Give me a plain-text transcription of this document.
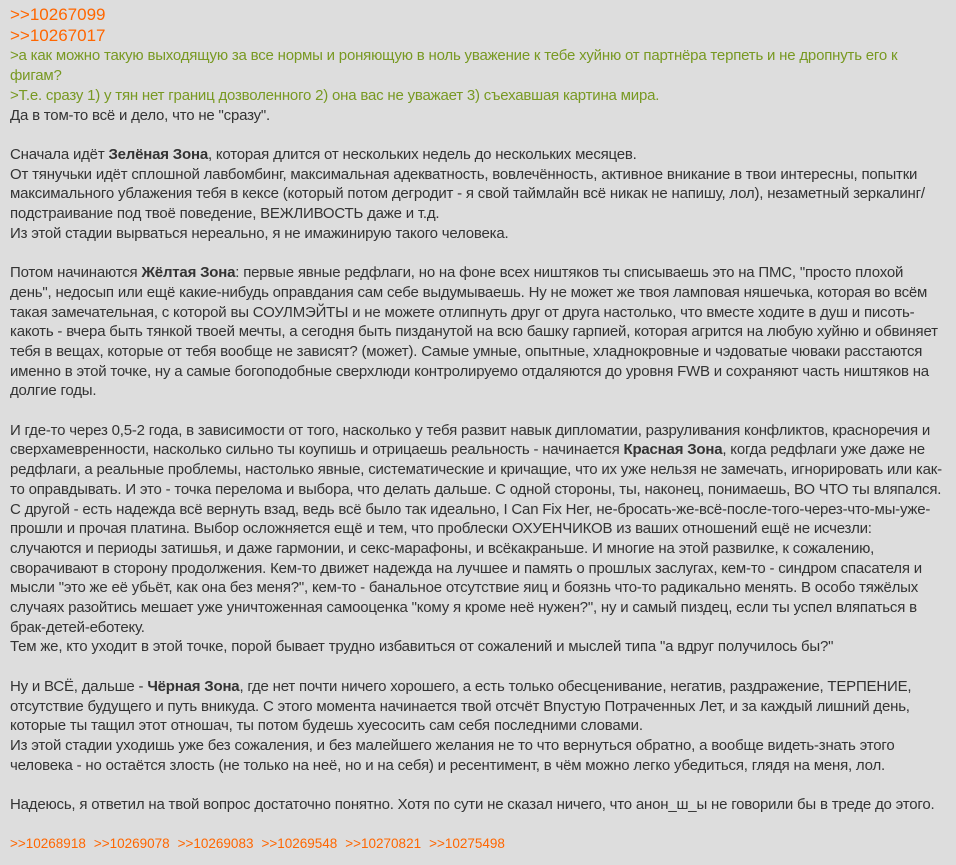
>>10267099
>>10267017
>а как можно такую выходящую за все нормы и роняющую в ноль уважение к тебе хуйню от партнёра терпеть и не дропнуть его к фигам?
>Т.е. сразу 1) у тян нет границ дозволенного 2) она вас не уважает 3) съехавшая картина мира.
Да в том-то всё и дело, что не "сразу".
Сначала идёт Зелёная Зона, которая длится от нескольких недель до нескольких месяцев.
От тянучьки идёт сплошной лавбомбинг, максимальная адекватность, вовлечённость, активное вникание в твои интересны, попытки максимального ублажения тебя в кексе (который потом дегродит - я свой таймлайн всё никак не напишу, лол), незаметный зеркалинг/подстраивание под твоё поведение, ВЕЖЛИВОСТЬ даже и т.д.
Из этой стадии вырваться нереально, я не имажинирую такого человека.
Потом начинаются Жёлтая Зона: первые явные редфлаги, но на фоне всех ништяков ты списываешь это на ПМС, "просто плохой день", недосып или ещё какие-нибудь оправдания сам себе выдумываешь. Ну не может же твоя ламповая няшечька, которая во всём такая замечательная, с которой вы СОУЛМЭЙТЫ и не можете отлипнуть друг от друга настолько, что вместе ходите в душ и писоть-какоть - вчера быть тянкой твоей мечты, а сегодня быть пизданутой на всю башку гарпией, которая агрится на любую хуйню и обвиняет тебя в вещах, которые от тебя вообще не зависят? (может). Самые умные, опытные, хладнокровные и чэдоватые чюваки расстаются именно в этой точке, ну а самые богоподобные сверхлюди контролируемо отдаляются до уровня FWB и сохраняют часть ништяков на долгие годы.
И где-то через 0,5-2 года, в зависимости от того, насколько у тебя развит навык дипломатии, разруливания конфликтов, красноречия и сверхамевренности, насколько сильно ты коупишь и отрицаешь реальность - начинается Красная Зона, когда редфлаги уже даже не редфлаги, а реальные проблемы, настолько явные, систематические и кричащие, что их уже нельзя не замечать, игнорировать или как-то оправдывать. И это - точка перелома и выбора, что делать дальше. С одной стороны, ты, наконец, понимаешь, ВО ЧТО ты вляпался. С другой - есть надежда всё вернуть взад, ведь всё было так идеально, I Can Fix Her, не-бросать-же-всё-после-того-через-что-мы-уже-прошли и прочая платина. Выбор осложняется ещё и тем, что проблески ОХУЕНЧИКОВ из ваших отношений ещё не исчезли: случаются и периоды затишья, и даже гармонии, и секс-марафоны, и всёкакраньше. И многие на этой развилке, к сожалению, сворачивают в сторону продолжения. Кем-то движет надежда на лучшее и память о прошлых заслугах, кем-то - синдром спасателя и мысли "это же её убьёт, как она без меня?", кем-то - банальное отсутствие яиц и боязнь что-то радикально менять. В особо тяжёлых случаях разойтись мешает уже уничтоженная самооценка "кому я кроме неё нужен?", ну и самый пиздец, если ты успел вляпаться в брак-детей-еботеку.
Тем же, кто уходит в этой точке, порой бывает трудно избавиться от сожалений и мыслей типа "а вдруг получилось бы?"
Ну и ВСЁ, дальше - Чёрная Зона, где нет почти ничего хорошего, а есть только обесценивание, негатив, раздражение, ТЕРПЕНИЕ, отсутствие будущего и путь вникуда. С этого момента начинается твой отсчёт Впустую Потраченных Лет, и за каждый лишний день, которые ты тащил этот отношач, ты потом будешь хуесосить сам себя последними словами.
Из этой стадии уходишь уже без сожаления, и без малейшего желания не то что вернуться обратно, а вообще видеть-знать этого человека - но остаётся злость (не только на неё, но и на себя) и ресентимент, в чём можно легко убедиться, глядя на меня, лол.
Надеюсь, я ответил на твой вопрос достаточно понятно. Хотя по сути не сказал ничего, что анон_ш_ы не говорили бы в треде до этого.
>>10268918 >>10269078 >>10269083 >>10269548 >>10270821 >>10275498
